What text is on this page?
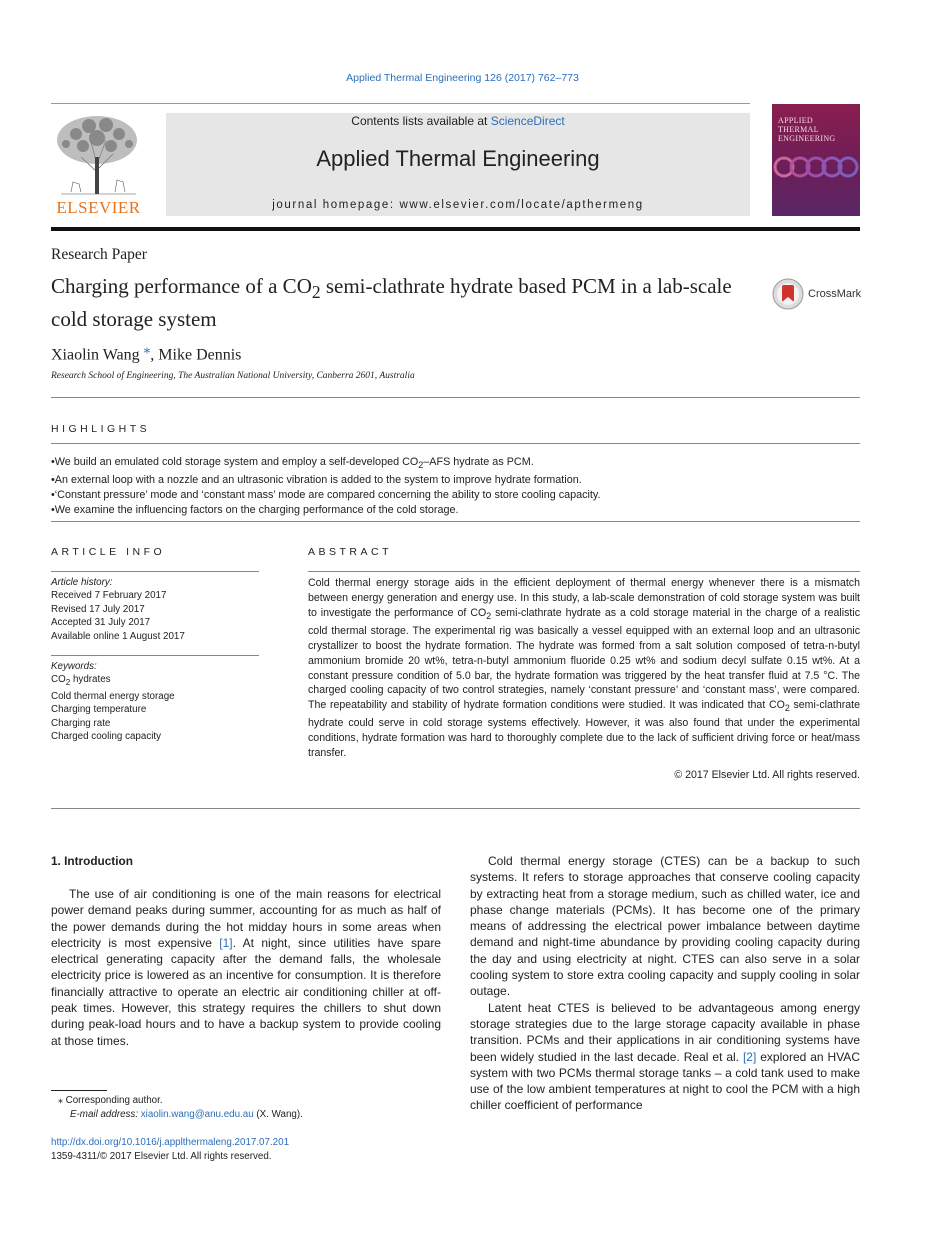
Applied Thermal Engineering 126 (2017) 762–773
ELSEVIER
Contents lists available at ScienceDirect
Applied Thermal Engineering
journal homepage: www.elsevier.com/locate/apthermeng
APPLIED
THERMAL
ENGINEERING
Research Paper
Charging performance of a $CO_2$ semi-clathrate hydrate based PCM in a lab-scale cold storage system
CrossMark
Xiaolin Wang ⁎, Mike Dennis
Research School of Engineering, The Australian National University, Canberra 2601, Australia
HIGHLIGHTS
• We build an emulated cold storage system and employ a self-developed $CO_2$–AFS hydrate as PCM.
• An external loop with a nozzle and an ultrasonic vibration is added to the system to improve hydrate formation.
• ‘Constant pressure’ mode and ‘constant mass’ mode are compared concerning the ability to store cooling capacity.
• We examine the influencing factors on the charging performance of the cold storage.
ARTICLE INFO
Article history:
Received 7 February 2017
Revised 17 July 2017
Accepted 31 July 2017
Available online 1 August 2017
Keywords:
$CO_2$ hydrates
Cold thermal energy storage
Charging temperature
Charging rate
Charged cooling capacity
ABSTRACT
Cold thermal energy storage aids in the efficient deployment of thermal energy whenever there is a mismatch between energy generation and energy use. In this study, a lab-scale demonstration of cold storage system was built to investigate the performance of $CO_2$ semi-clathrate hydrate as a cold storage material in the charge of a realistic cold thermal storage. The experimental rig was basically a vessel equipped with an external loop and an ultrasonic crystallizer to boost the hydrate formation. The hydrate was formed from a salt solution composed of tetra-n-butyl ammonium bromide 20 wt%, tetra-n-butyl ammonium fluoride 0.25 wt% and sodium decyl sulfate 0.15 wt%. At a constant pressure condition of 5.0 bar, the hydrate formation was triggered by the heat transfer fluid at 7.5 °C. The charged cooling capacity of two control strategies, namely ‘constant pressure’ and ‘constant mass’, were compared. The repeatability and stability of hydrate formation conditions were studied. It was indicated that $CO_2$ semi-clathrate hydrate could serve in cold storage systems effectively. However, it was also found that under the experimental conditions, hydrate formation was hard to thoroughly complete due to the lack of sufficient driving force or heat/mass transfer.
© 2017 Elsevier Ltd. All rights reserved.
1. Introduction

The use of air conditioning is one of the main reasons for electrical power demand peaks during summer, accounting for as much as half of the power demands during the hot midday hours in some areas when electricity is most expensive [1]. At night, since utilities have spare electrical generating capacity after the demand falls, the wholesale electricity price is lowered as an incentive for consumption. It is therefore financially attractive to operate an electric air conditioning chiller at off-peak times. However, this strategy requires the chillers to shut down during peak-load hours and to have a backup system to provide cooling at those times.

Cold thermal energy storage (CTES) can be a backup to such systems. It refers to storage approaches that conserve cooling capacity by extracting heat from a storage medium, such as chilled water, ice and phase change materials (PCMs). It has become one of the primary means of addressing the electrical power imbalance between daytime demand and night-time abundance by providing cooling capacity during the day and using electricity at night. CTES can also serve in a solar cooling system to store extra cooling capacity and supply cooling in solar outage.

Latent heat CTES is believed to be advantageous among energy storage strategies due to the large storage capacity available in phase transition. PCMs and their applications in air conditioning systems have been widely studied in the last decade. Real et al. [2] explored an HVAC system with two PCMs thermal storage tanks – a cold tank used to make use of the low ambient temperatures at night to cool the PCM with a high chiller coefficient of performance

⁎ Corresponding author.
E-mail address: xiaolin.wang@anu.edu.au (X. Wang).
http://dx.doi.org/10.1016/j.applthermaleng.2017.07.201
1359-4311/© 2017 Elsevier Ltd. All rights reserved.
